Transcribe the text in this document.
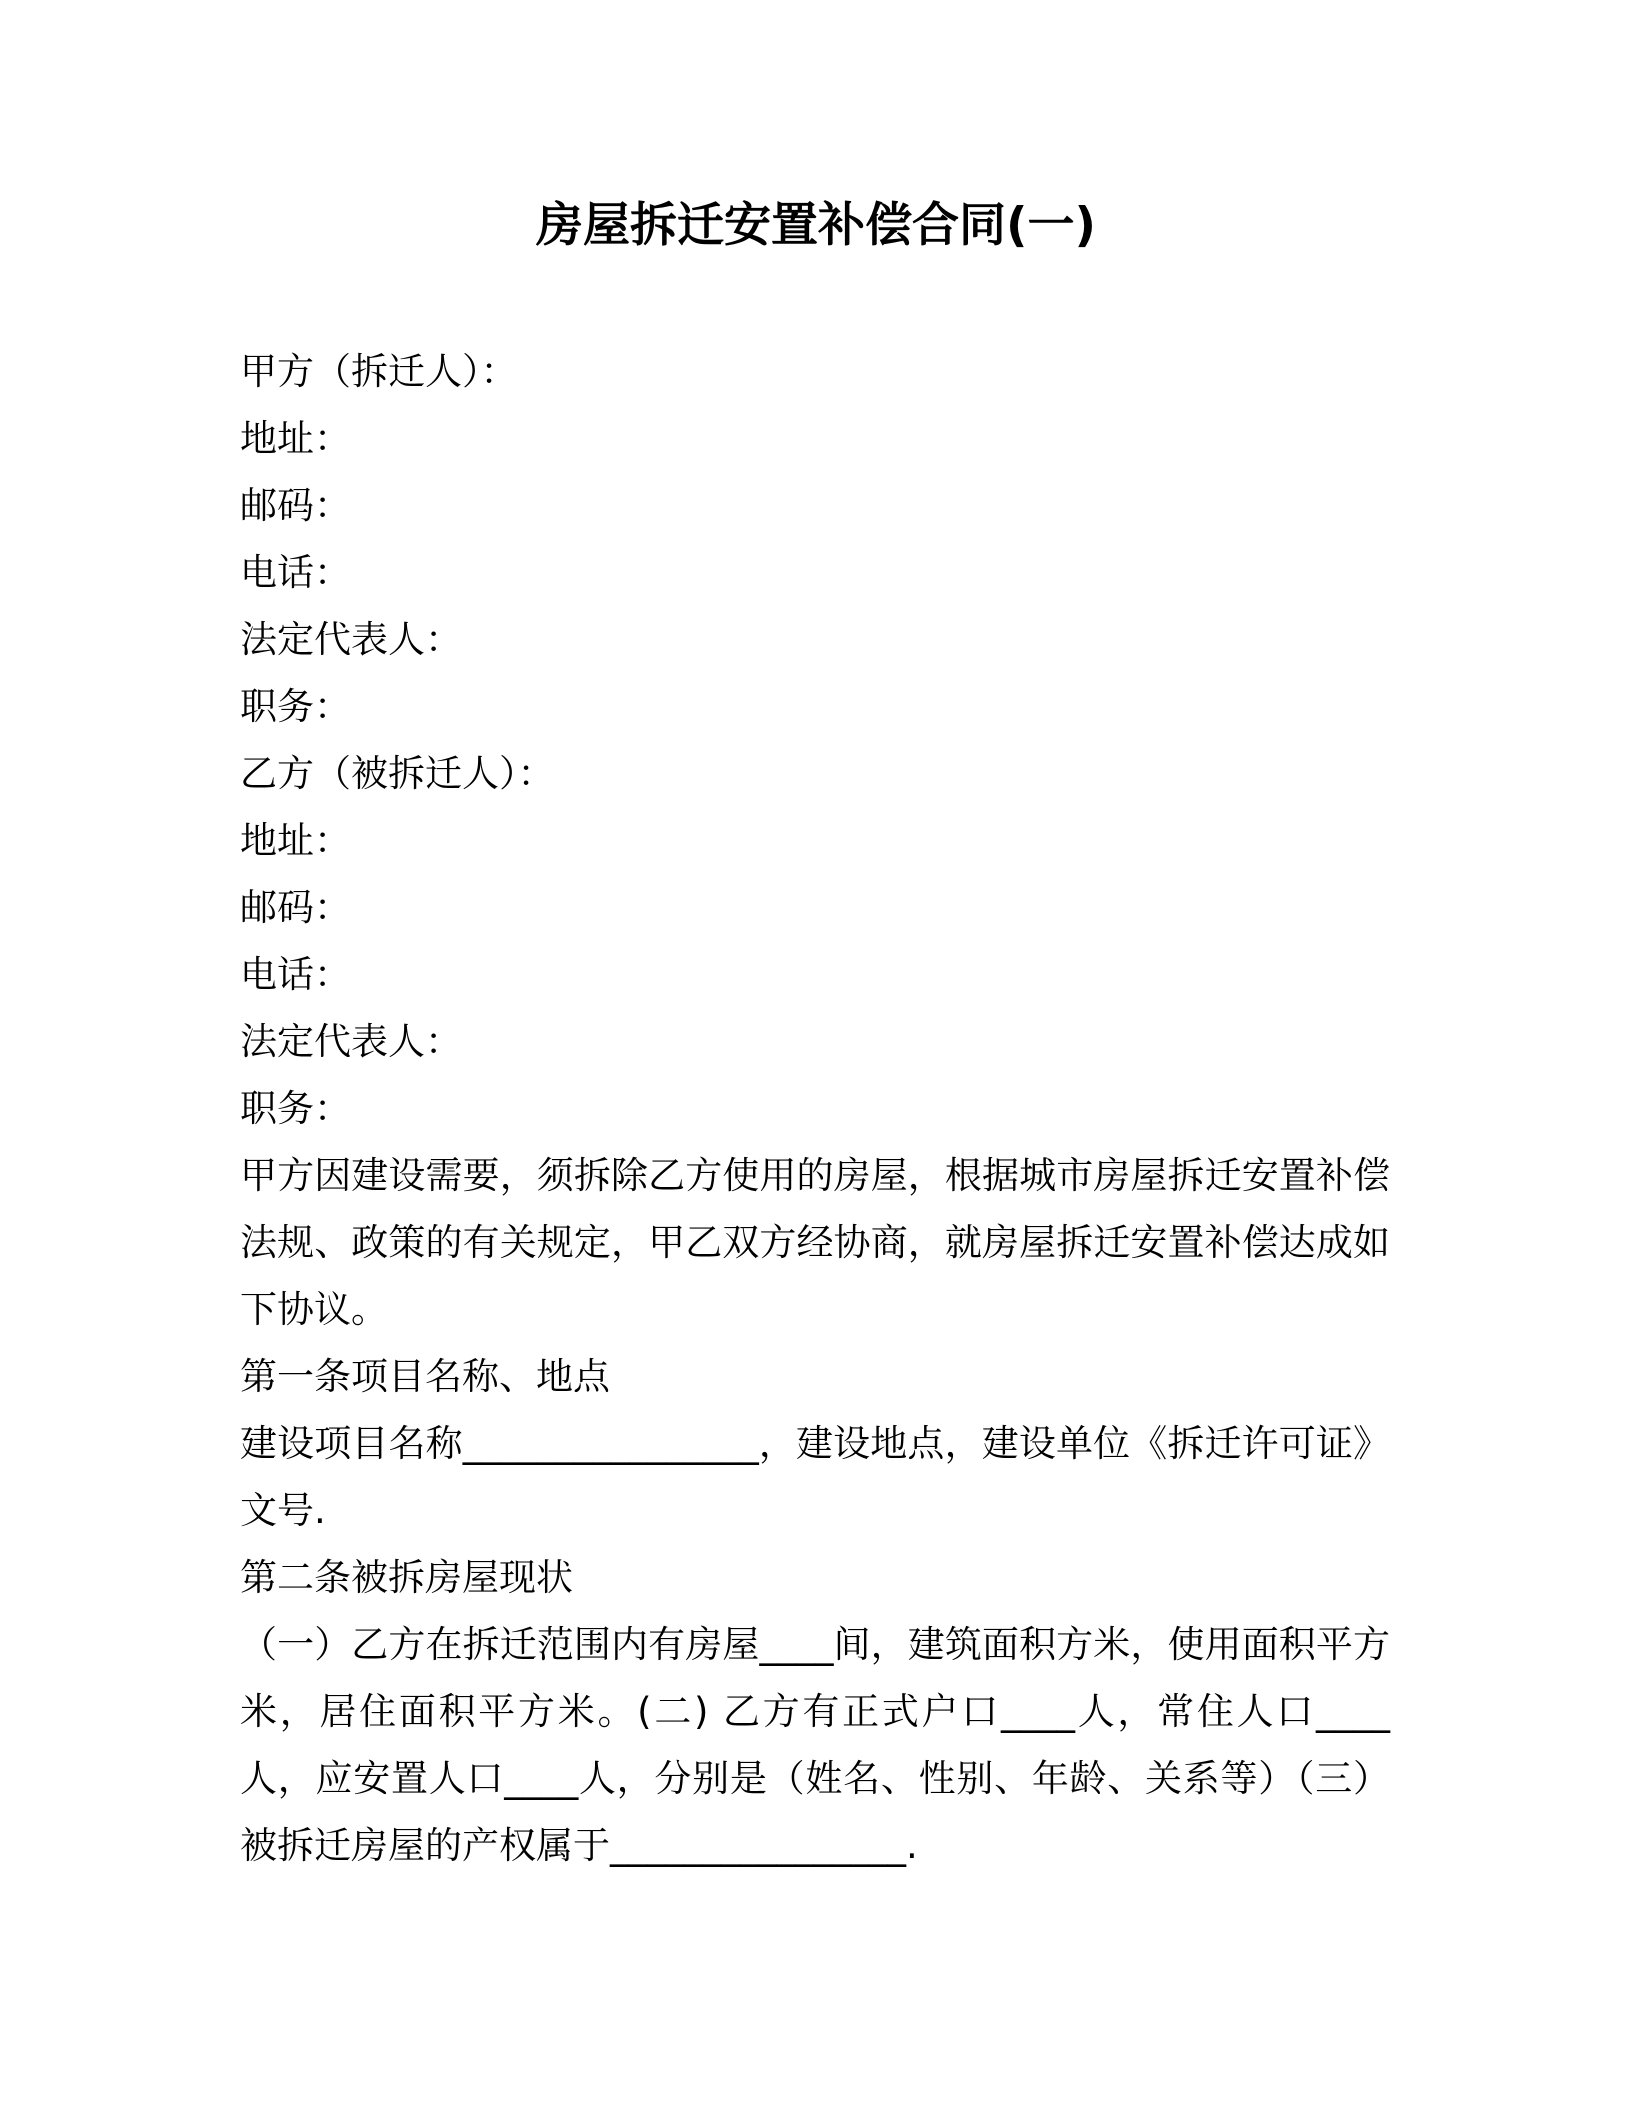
房屋拆迁安置补偿合同(一)
甲方（拆迁人）：
地址：
邮码：
电话：
法定代表人：
职务：
乙方（被拆迁人）：
地址：
邮码：
电话：
法定代表人：
职务：
甲方因建设需要，须拆除乙方使用的房屋，根据城市房屋拆迁安置补偿法规、政策的有关规定，甲乙双方经协商，就房屋拆迁安置补偿达成如下协议。
第一条项目名称、地点
建设项目名称________________，建设地点，建设单位《拆迁许可证》文号.
第二条被拆房屋现状
（一）乙方在拆迁范围内有房屋____间，建筑面积方米，使用面积平方米，居住面积平方米。(二) 乙方有正式户口____人，常住人口____人，应安置人口____人，分别是（姓名、性别、年龄、关系等）（三）被拆迁房屋的产权属于________________.
